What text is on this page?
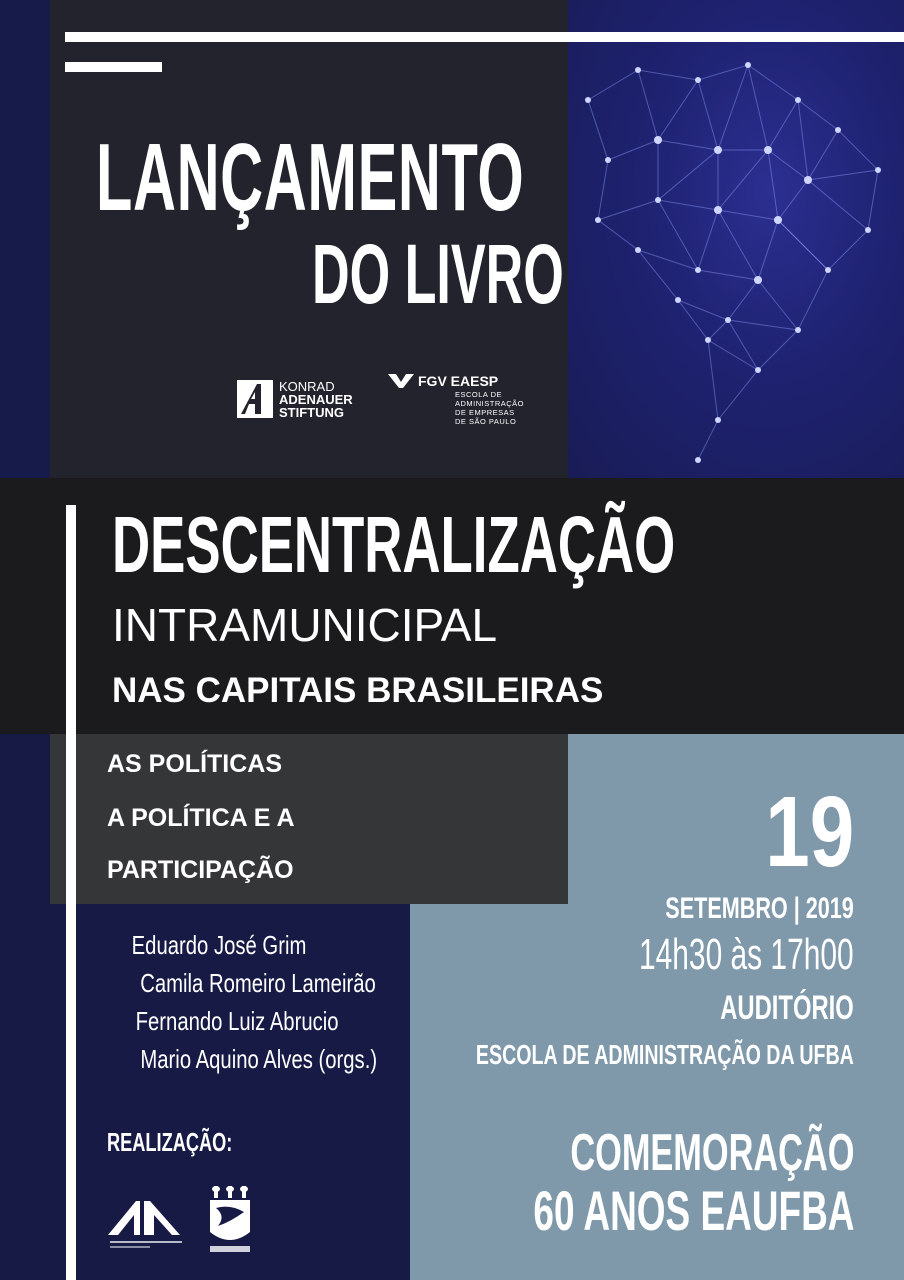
LANÇAMENTO
DO LIVRO
KONRAD
ADENAUER
STIFTUNG
FGV EAESP
ESCOLA DE
ADMINISTRAÇÃO
DE EMPRESAS
DE SÃO PAULO
DESCENTRALIZAÇÃO
INTRAMUNICIPAL
NAS CAPITAIS BRASILEIRAS
AS POLÍTICAS
A POLÍTICA E A
PARTICIPAÇÃO
Eduardo José Grim
Camila Romeiro Lameirão
Fernando Luiz Abrucio
Mario Aquino Alves (orgs.)
REALIZAÇÃO:
19
SETEMBRO | 2019
14h30 às 17h00
AUDITÓRIO
ESCOLA DE ADMINISTRAÇÃO DA UFBA
COMEMORAÇÃO
60 ANOS EAUFBA
